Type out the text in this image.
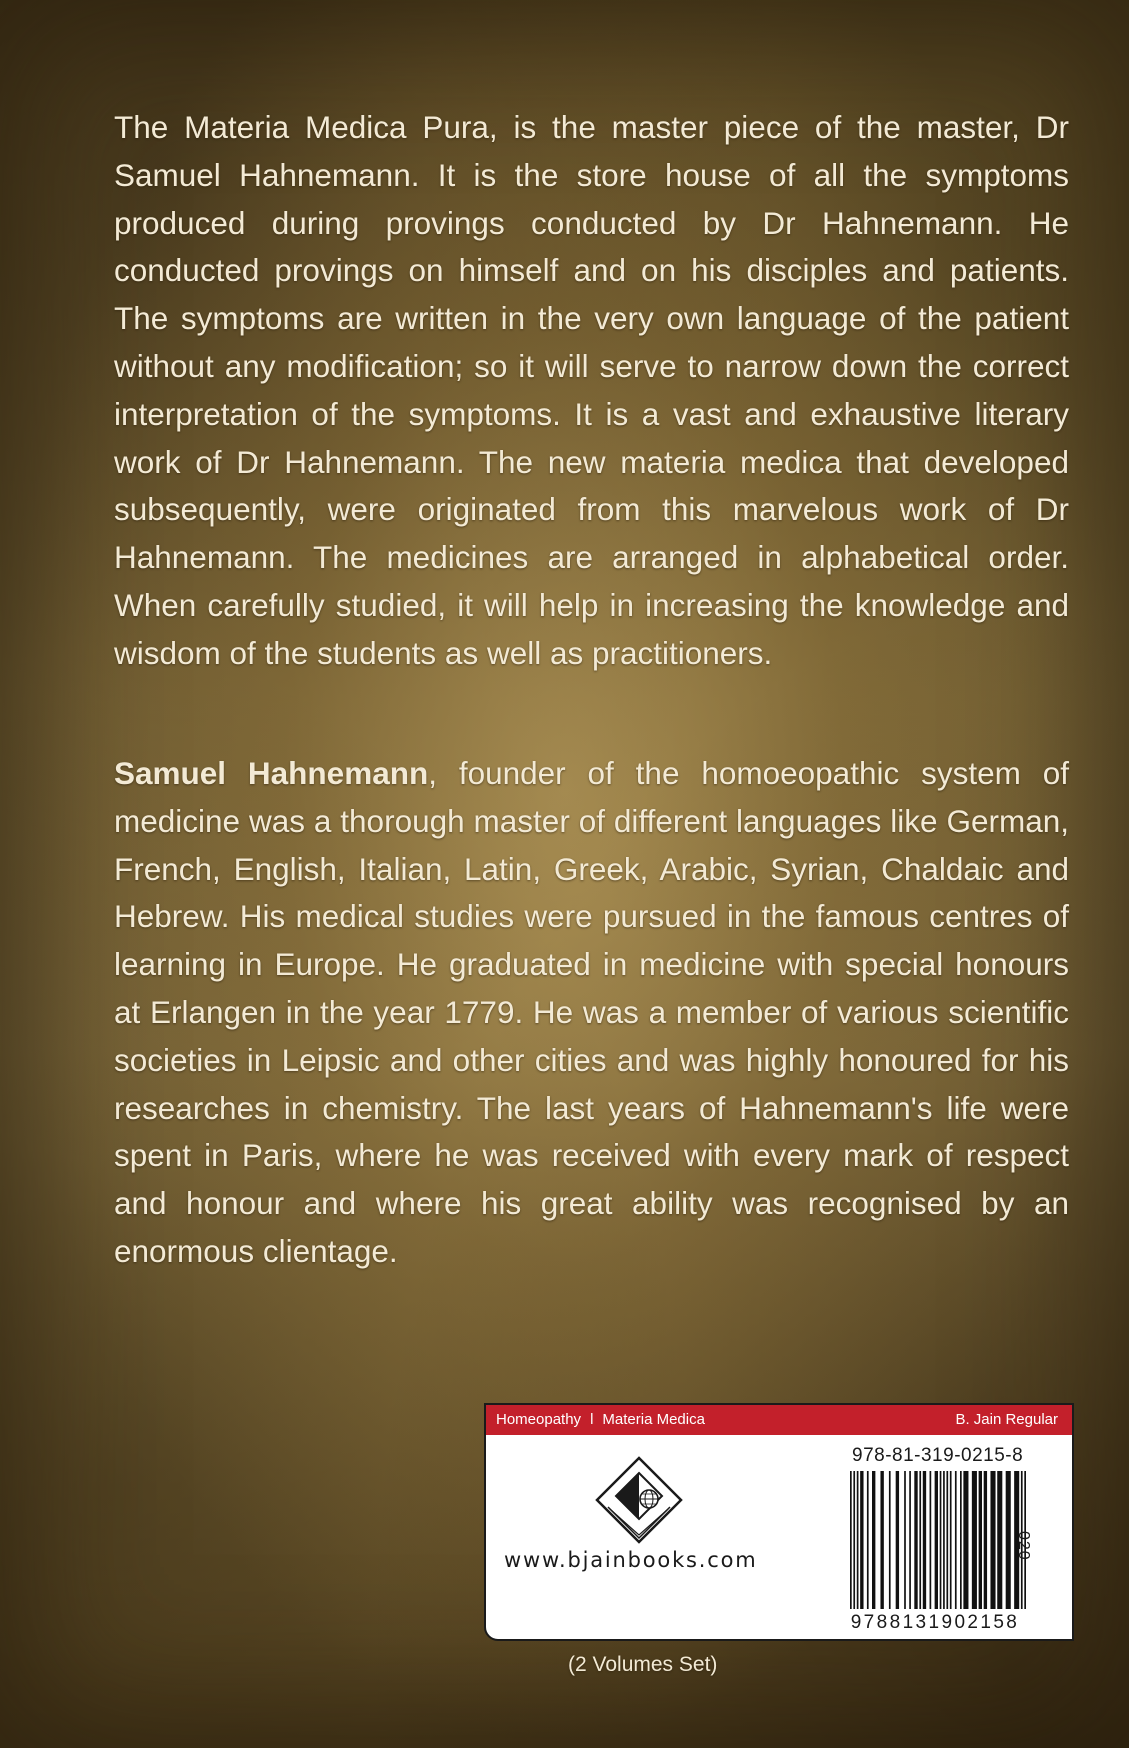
The Materia Medica Pura, is the master piece of the master, Dr Samuel Hahnemann. It is the store house of all the symptoms produced during provings conducted by Dr Hahnemann. He conducted provings on himself and on his disciples and patients. The symptoms are written in the very own language of the patient without any modification; so it will serve to narrow down the correct interpretation of the symptoms. It is a vast and exhaustive literary work of Dr Hahnemann. The new materia medica that developed subsequently, were originated from this marvelous work of Dr Hahnemann. The medicines are arranged in alphabetical order. When carefully studied, it will help in increasing the knowledge and wisdom of the students as well as practitioners.

Samuel Hahnemann, founder of the homoeopathic system of medicine was a thorough master of different languages like German, French, English, Italian, Latin, Greek, Arabic, Syrian, Chaldaic and Hebrew. His medical studies were pursued in the famous centres of learning in Europe. He graduated in medicine with special honours at Erlangen in the year 1779. He was a member of various scientific societies in Leipsic and other cities and was highly honoured for his researches in chemistry. The last years of Hahnemann's life were spent in Paris, where he was received with every mark of respect and honour and where his great ability was recognised by an enormous clientage.

Homeopathy l Materia Medica	B. Jain Regular
www.bjainbooks.com
978-81-319-0215-8
9788131902158
020
(2 Volumes Set)
